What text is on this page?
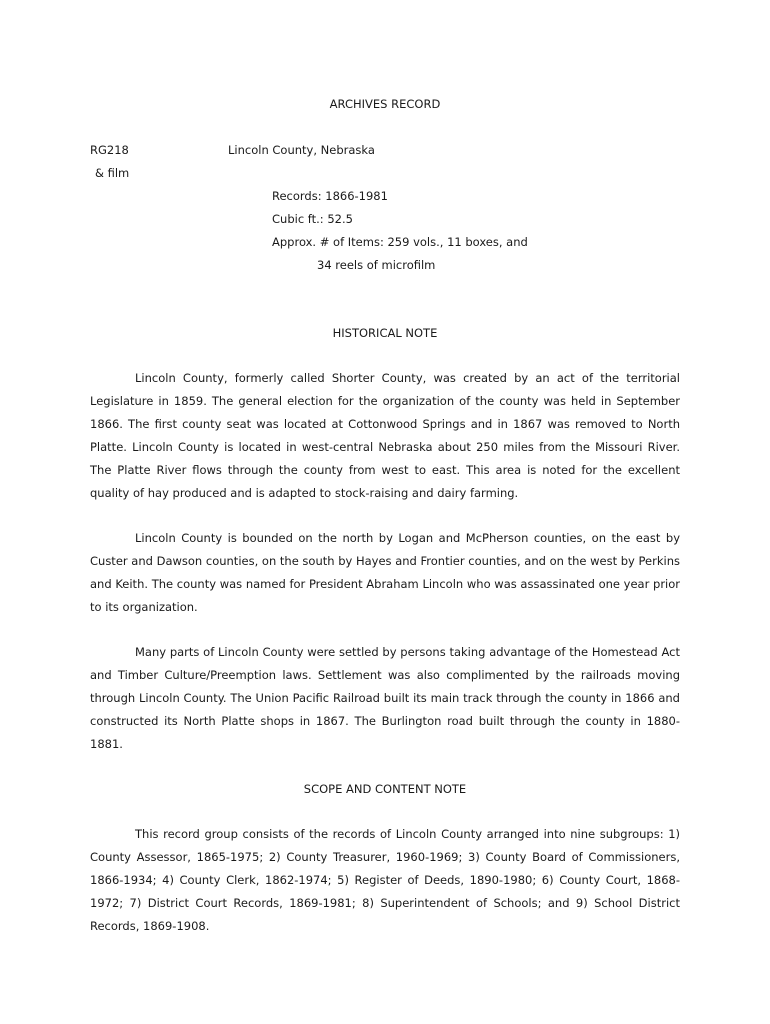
ARCHIVES RECORD
RG218	Lincoln County, Nebraska
& film
Records: 1866-1981
Cubic ft.: 52.5
Approx. # of Items: 259 vols., 11 boxes, and
34 reels of microfilm
HISTORICAL NOTE
Lincoln County, formerly called Shorter County, was created by an act of the territorial Legislature in 1859. The general election for the organization of the county was held in September 1866. The first county seat was located at Cottonwood Springs and in 1867 was removed to North Platte. Lincoln County is located in west-central Nebraska about 250 miles from the Missouri River. The Platte River flows through the county from west to east. This area is noted for the excellent quality of hay produced and is adapted to stock-raising and dairy farming.
Lincoln County is bounded on the north by Logan and McPherson counties, on the east by Custer and Dawson counties, on the south by Hayes and Frontier counties, and on the west by Perkins and Keith. The county was named for President Abraham Lincoln who was assassinated one year prior to its organization.
Many parts of Lincoln County were settled by persons taking advantage of the Homestead Act and Timber Culture/Preemption laws. Settlement was also complimented by the railroads moving through Lincoln County. The Union Pacific Railroad built its main track through the county in 1866 and constructed its North Platte shops in 1867. The Burlington road built through the county in 1880-1881.
SCOPE AND CONTENT NOTE
This record group consists of the records of Lincoln County arranged into nine subgroups: 1) County Assessor, 1865-1975; 2) County Treasurer, 1960-1969; 3) County Board of Commissioners, 1866-1934; 4) County Clerk, 1862-1974; 5) Register of Deeds, 1890-1980; 6) County Court, 1868-1972; 7) District Court Records, 1869-1981; 8) Superintendent of Schools; and 9) School District Records, 1869-1908.
